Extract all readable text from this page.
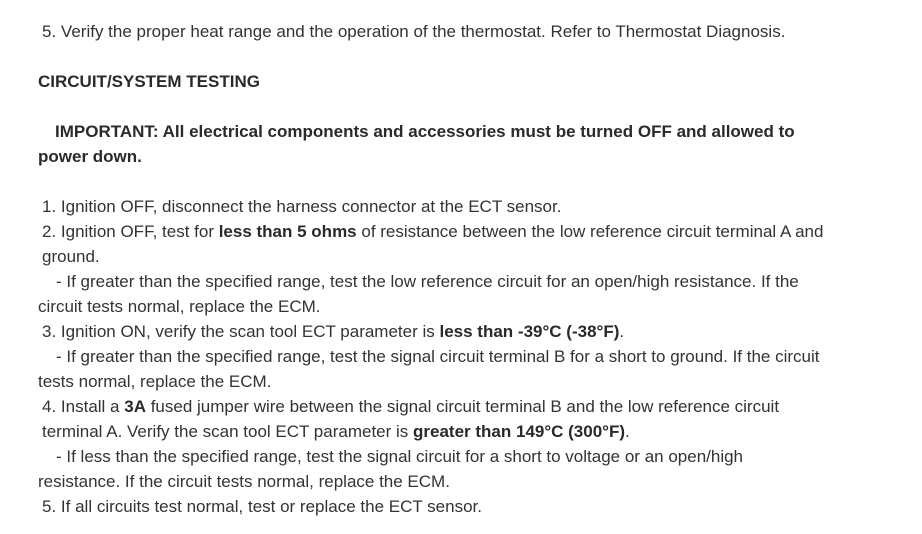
5. Verify the proper heat range and the operation of the thermostat. Refer to Thermostat Diagnosis.

CIRCUIT/SYSTEM TESTING

IMPORTANT: All electrical components and accessories must be turned OFF and allowed to power down.

1. Ignition OFF, disconnect the harness connector at the ECT sensor.

2. Ignition OFF, test for less than 5 ohms of resistance between the low reference circuit terminal A and ground.

- If greater than the specified range, test the low reference circuit for an open/high resistance. If the circuit tests normal, replace the ECM.

3. Ignition ON, verify the scan tool ECT parameter is less than -39°C (-38°F).

- If greater than the specified range, test the signal circuit terminal B for a short to ground. If the circuit tests normal, replace the ECM.

4. Install a 3A fused jumper wire between the signal circuit terminal B and the low reference circuit terminal A. Verify the scan tool ECT parameter is greater than 149°C (300°F).

- If less than the specified range, test the signal circuit for a short to voltage or an open/high resistance. If the circuit tests normal, replace the ECM.

5. If all circuits test normal, test or replace the ECT sensor.
